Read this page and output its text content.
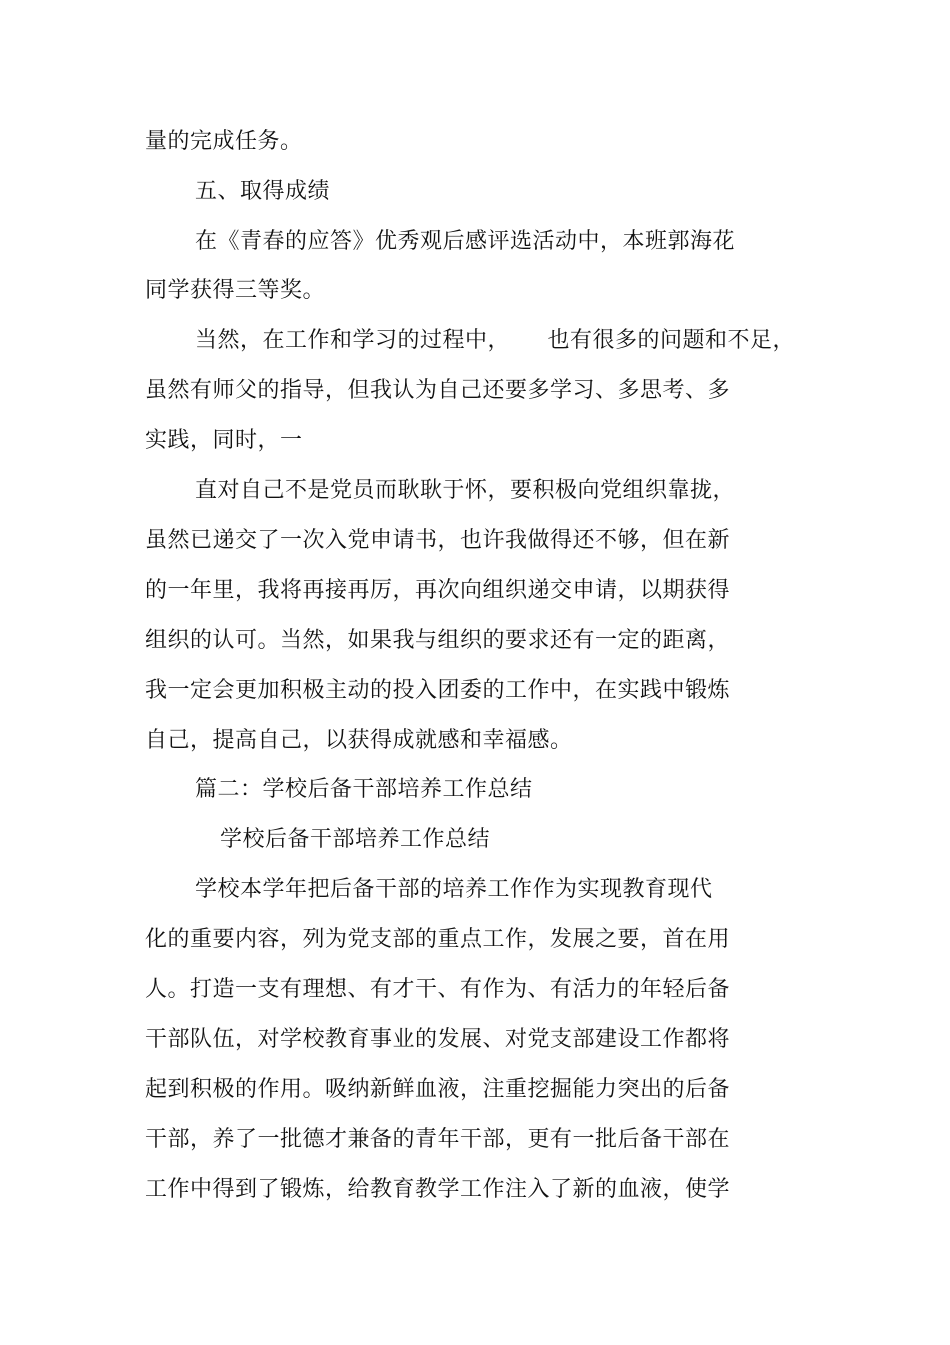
量的完成任务。
五、取得成绩
在《青春的应答》优秀观后感评选活动中，本班郭海花
同学获得三等奖。
当然，在工作和学习的过程中，     也有很多的问题和不足，
虽然有师父的指导，但我认为自己还要多学习、多思考、多
实践，同时，一
直对自己不是党员而耿耿于怀，要积极向党组织靠拢，
虽然已递交了一次入党申请书，也许我做得还不够，但在新
的一年里，我将再接再厉，再次向组织递交申请，以期获得
组织的认可。当然，如果我与组织的要求还有一定的距离，
我一定会更加积极主动的投入团委的工作中，在实践中锻炼
自己，提高自己，以获得成就感和幸福感。
篇二：学校后备干部培养工作总结
学校后备干部培养工作总结
学校本学年把后备干部的培养工作作为实现教育现代
化的重要内容，列为党支部的重点工作，发展之要，首在用
人。打造一支有理想、有才干、有作为、有活力的年轻后备
干部队伍，对学校教育事业的发展、对党支部建设工作都将
起到积极的作用。吸纳新鲜血液，注重挖掘能力突出的后备
干部，养了一批德才兼备的青年干部，更有一批后备干部在
工作中得到了锻炼，给教育教学工作注入了新的血液，使学
